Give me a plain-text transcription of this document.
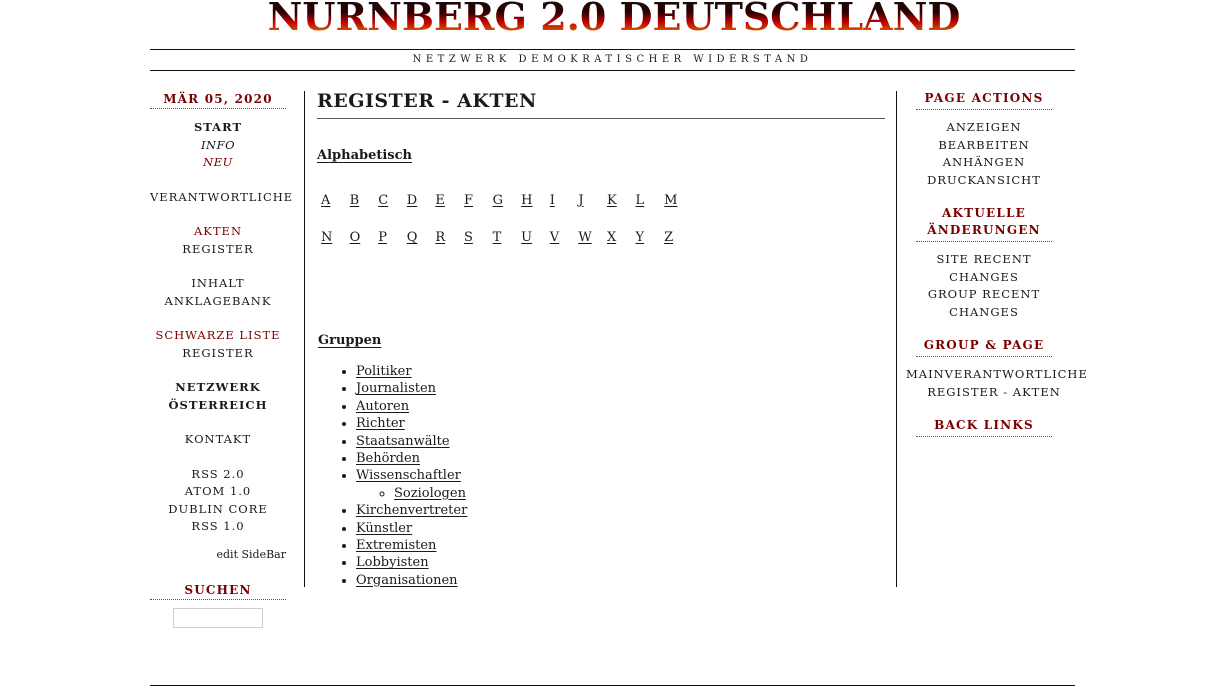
NURNBERG 2.0 DEUTSCHLAND
NETZWERK DEMOKRATISCHER WIDERSTAND
MÄR 05, 2020
START
INFO
NEU
VERANTWORTLICHE
AKTEN
REGISTER
INHALT
ANKLAGEBANK
SCHWARZE LISTE
REGISTER
NETZWERK
ÖSTERREICH
KONTAKT
RSS 2.0
ATOM 1.0
DUBLIN CORE
RSS 1.0
edit SideBar
SUCHEN
REGISTER - AKTEN
Alphabetisch
A	B	C	D	E	F	G	H	I	J	K	L	M
N	O	P	Q	R	S	T	U	V	W	X	Y	Z
Gruppen
• Politiker
• Journalisten
• Autoren
• Richter
• Staatsanwälte
• Behörden
• Wissenschaftler
◦ Soziologen
• Kirchenvertreter
• Künstler
• Extremisten
• Lobbyisten
• Organisationen
PAGE ACTIONS
ANZEIGEN
BEARBEITEN
ANHÄNGEN
DRUCKANSICHT
AKTUELLE
ÄNDERUNGEN
SITE RECENT
CHANGES
GROUP RECENT
CHANGES
GROUP & PAGE
MAINVERANTWORTLICHE
REGISTER - AKTEN
BACK LINKS
